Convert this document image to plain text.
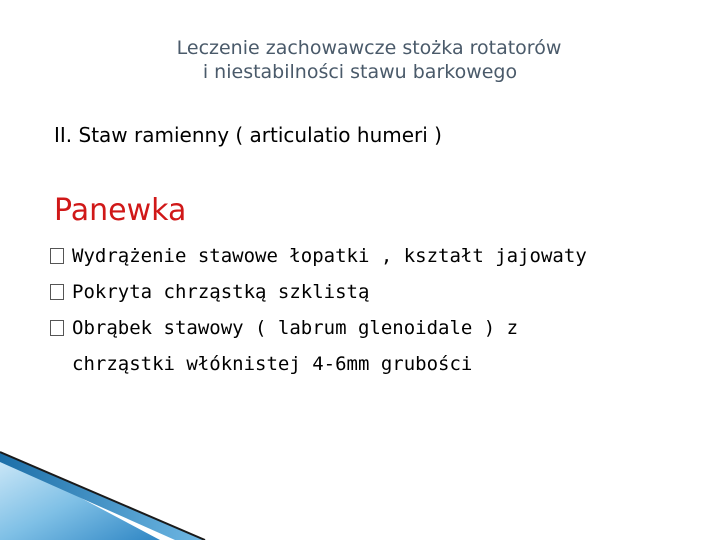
Leczenie zachowawcze stożka rotatorów
i niestabilności stawu barkowego
II. Staw ramienny ( articulatio humeri )
Panewka
Wydrążenie stawowe łopatki , kształt jajowaty
Pokryta chrząstką szklistą
Obrąbek stawowy ( labrum glenoidale ) z
chrząstki włóknistej 4-6mm grubości
